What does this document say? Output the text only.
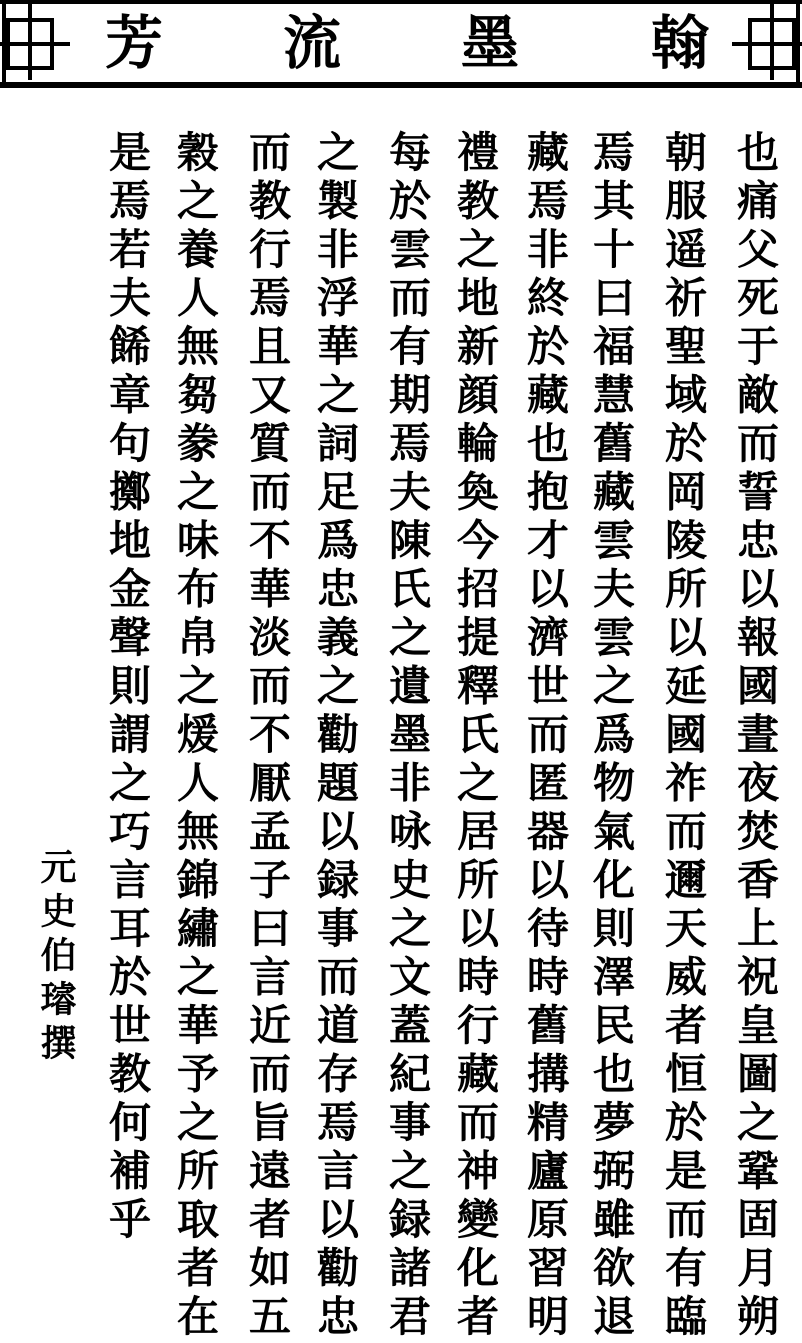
芳 流 墨 翰
也痛父死于敵而誓忠以報國晝夜焚香上祝皇圖之鞏固月朔
朝服遥祈聖域於岡陵所以延國祚而邇天威者恒於是而有臨
焉其十曰福慧舊藏雲夫雲之爲物氣化則澤民也夢弼雖欲退
藏焉非終於藏也抱才以濟世而匿器以待時舊搆精廬原習明
禮教之地新顔輪奐今招提釋氏之居所以時行藏而神變化者
每於雲而有期焉夫陳氏之遺墨非咏史之文蓋紀事之録諸君
之製非浮華之詞足爲忠義之勸題以録事而道存焉言以勸忠
而教行焉且又質而不華淡而不厭孟子曰言近而旨遠者如五
穀之養人無芻豢之味布帛之煖人無錦繡之華予之所取者在
是焉若夫餙章句擲地金聲則謂之巧言耳於世教何補乎
元史伯璿撰
